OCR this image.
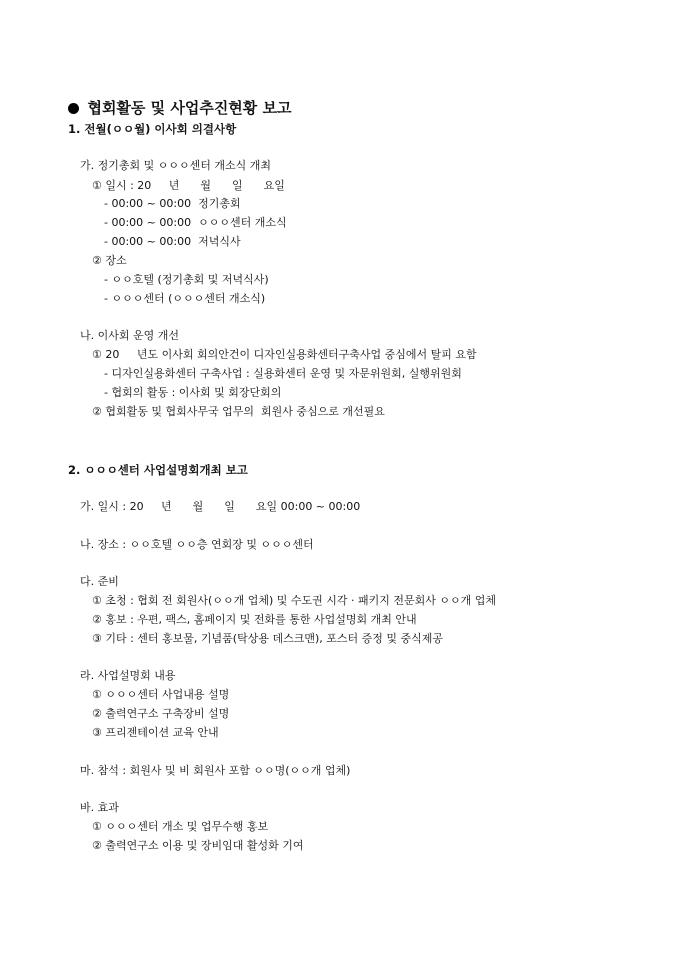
협회활동 및 사업추진현황 보고

1. 전월(ㅇㅇ월) 이사회 의결사항
가. 정기총회 및 ㅇㅇㅇ센터 개소식 개최
① 일시 : 20     년      월      일      요일
- 00:00 ~ 00:00  정기총회
- 00:00 ~ 00:00  ㅇㅇㅇ센터 개소식
- 00:00 ~ 00:00  저녁식사
② 장소
- ㅇㅇ호텔 (정기총회 및 저녁식사)
- ㅇㅇㅇ센터 (ㅇㅇㅇ센터 개소식)
나. 이사회 운영 개선
① 20     년도 이사회 회의안건이 디자인실용화센터구축사업 중심에서 탈피 요함
- 디자인실용화센터 구축사업 : 실용화센터 운영 및 자문위원회, 실행위원회
- 협회의 활동 : 이사회 및 회장단회의
② 협회활동 및 협회사무국 업무의  회원사 중심으로 개선필요
2. ㅇㅇㅇ센터 사업설명회개최 보고
가. 일시 : 20     년      월      일      요일 00:00 ~ 00:00
나. 장소 : ㅇㅇ호텔 ㅇㅇ층 연회장 및 ㅇㅇㅇ센터
다. 준비
① 초청 : 협회 전 회원사(ㅇㅇ개 업체) 및 수도권 시각 · 패키지 전문회사 ㅇㅇ개 업체
② 홍보 : 우편, 팩스, 홈페이지 및 전화를 통한 사업설명회 개최 안내
③ 기타 : 센터 홍보물, 기념품(탁상용 데스크맨), 포스터 증정 및 중식제공
라. 사업설명회 내용
① ㅇㅇㅇ센터 사업내용 설명
② 출력연구소 구축장비 설명
③ 프리젠테이션 교육 안내
마. 참석 : 회원사 및 비 회원사 포함 ㅇㅇ명(ㅇㅇ개 업체)
바. 효과
① ㅇㅇㅇ센터 개소 및 업무수행 홍보
② 출력연구소 이용 및 장비임대 활성화 기여
